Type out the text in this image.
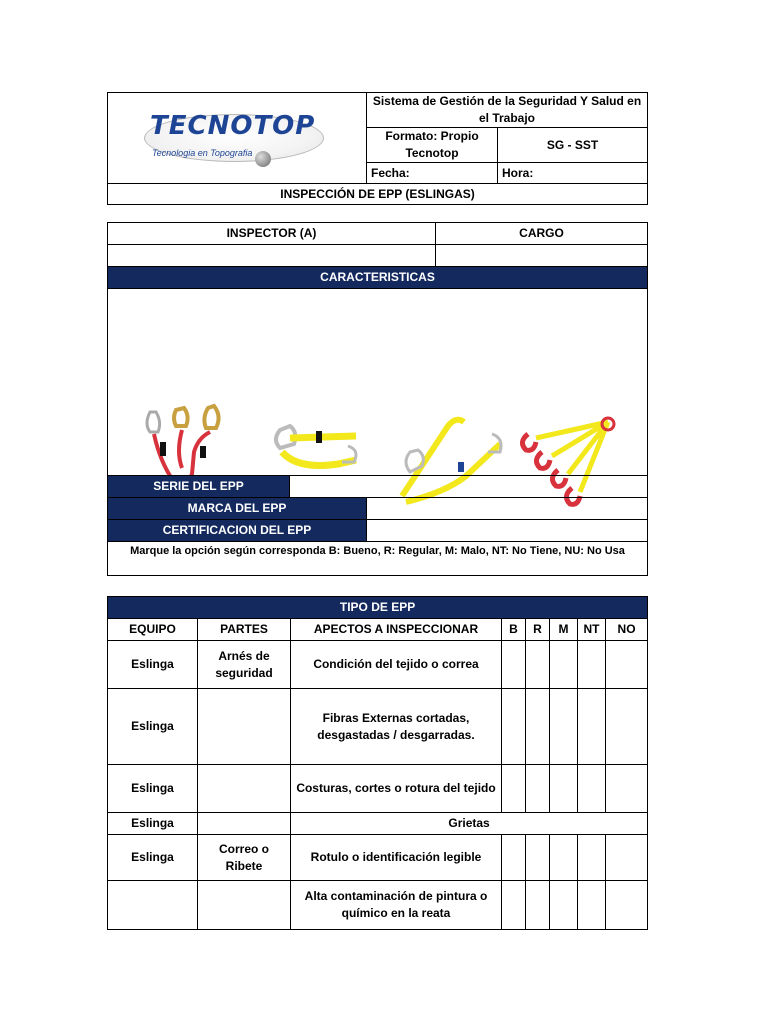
TECNOTOP
Tecnologia en Topografia	Sistema de Gestión de la Seguridad Y Salud en el Trabajo	
	Formato: Propio Tecnotop	SG - SST
	Fecha:	Hora:
INSPECCIÓN DE EPP (ESLINGAS)		
INSPECTOR (A)	CARGO

CARACTERISTICAS	

SERIE DEL EPP		
MARCA DEL EPP		
CERTIFICACION DEL EPP		
Marque la opción según corresponda B: Bueno, R: Regular, M: Malo, NT: No Tiene, NU: No Usa		
TIPO DE EPP							
EQUIPO	PARTES	APECTOS A INSPECCIONAR	B	R	M	NT	NO
Eslinga	Arnés de seguridad	Condición del tejido o correa					
Eslinga		Fibras Externas cortadas, desgastadas / desgarradas.					
Eslinga		Costuras, cortes o rotura del tejido					
Eslinga		Grietas					
Eslinga	Correo o Ribete	Rotulo o identificación legible					
		Alta contaminación de pintura o químico en la reata					
